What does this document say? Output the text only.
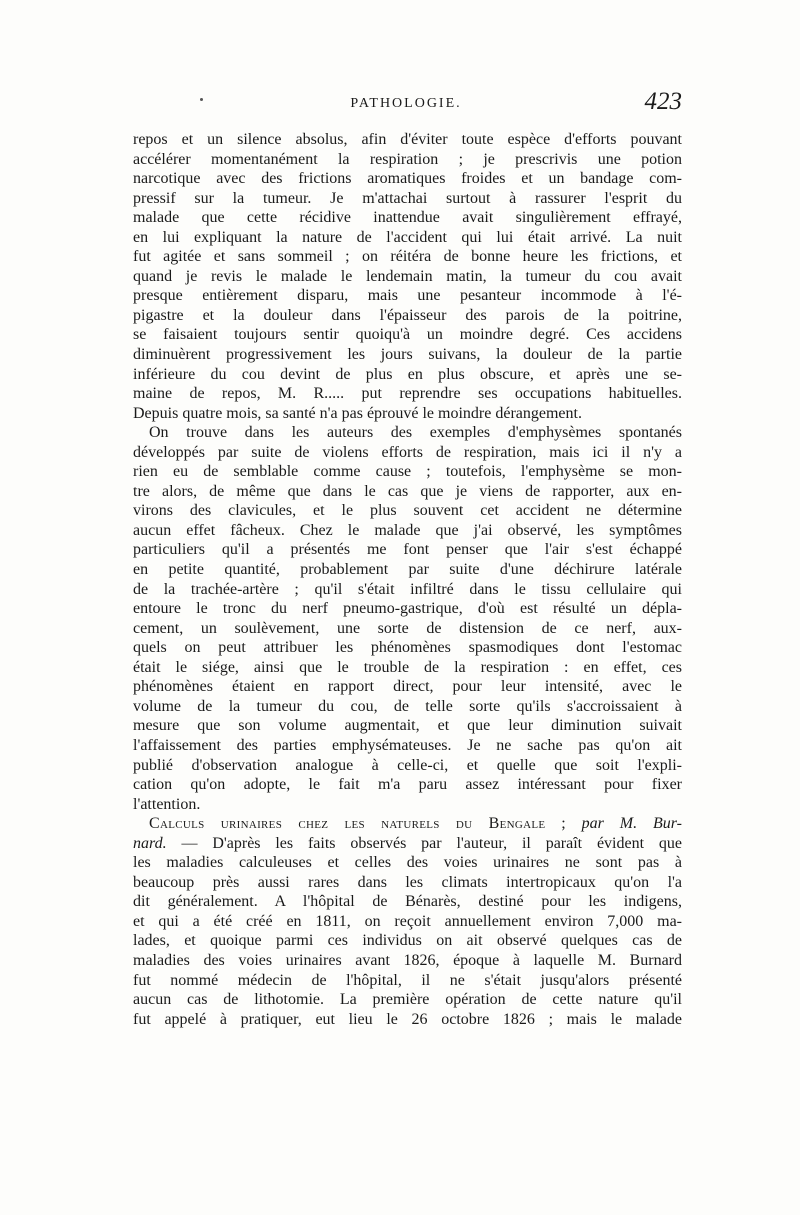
PATHOLOGIE.	423
repos et un silence absolus, afin d'éviter toute espèce d'efforts pouvant
accélérer momentanément la respiration ; je prescrivis une potion
narcotique avec des frictions aromatiques froides et un bandage com-
pressif sur la tumeur. Je m'attachai surtout à rassurer l'esprit du
malade que cette récidive inattendue avait singulièrement effrayé,
en lui expliquant la nature de l'accident qui lui était arrivé. La nuit
fut agitée et sans sommeil ; on réitéra de bonne heure les frictions, et
quand je revis le malade le lendemain matin, la tumeur du cou avait
presque entièrement disparu, mais une pesanteur incommode à l'é-
pigastre et la douleur dans l'épaisseur des parois de la poitrine,
se faisaient toujours sentir quoiqu'à un moindre degré. Ces accidens
diminuèrent progressivement les jours suivans, la douleur de la partie
inférieure du cou devint de plus en plus obscure, et après une se-
maine de repos, M. R..... put reprendre ses occupations habituelles.
Depuis quatre mois, sa santé n'a pas éprouvé le moindre dérangement.
On trouve dans les auteurs des exemples d'emphysèmes spontanés
développés par suite de violens efforts de respiration, mais ici il n'y a
rien eu de semblable comme cause ; toutefois, l'emphysème se mon-
tre alors, de même que dans le cas que je viens de rapporter, aux en-
virons des clavicules, et le plus souvent cet accident ne détermine
aucun effet fâcheux. Chez le malade que j'ai observé, les symptômes
particuliers qu'il a présentés me font penser que l'air s'est échappé
en petite quantité, probablement par suite d'une déchirure latérale
de la trachée-artère ; qu'il s'était infiltré dans le tissu cellulaire qui
entoure le tronc du nerf pneumo-gastrique, d'où est résulté un dépla-
cement, un soulèvement, une sorte de distension de ce nerf, aux-
quels on peut attribuer les phénomènes spasmodiques dont l'estomac
était le siége, ainsi que le trouble de la respiration : en effet, ces
phénomènes étaient en rapport direct, pour leur intensité, avec le
volume de la tumeur du cou, de telle sorte qu'ils s'accroissaient à
mesure que son volume augmentait, et que leur diminution suivait
l'affaissement des parties emphysémateuses. Je ne sache pas qu'on ait
publié d'observation analogue à celle-ci, et quelle que soit l'expli-
cation qu'on adopte, le fait m'a paru assez intéressant pour fixer
l'attention.
Calculs urinaires chez les naturels du Bengale ; par M. Bur-
nard. — D'après les faits observés par l'auteur, il paraît évident que
les maladies calculeuses et celles des voies urinaires ne sont pas à
beaucoup près aussi rares dans les climats intertropicaux qu'on l'a
dit généralement. A l'hôpital de Bénarès, destiné pour les indigens,
et qui a été créé en 1811, on reçoit annuellement environ 7,000 ma-
lades, et quoique parmi ces individus on ait observé quelques cas de
maladies des voies urinaires avant 1826, époque à laquelle M. Burnard
fut nommé médecin de l'hôpital, il ne s'était jusqu'alors présenté
aucun cas de lithotomie. La première opération de cette nature qu'il
fut appelé à pratiquer, eut lieu le 26 octobre 1826 ; mais le malade
